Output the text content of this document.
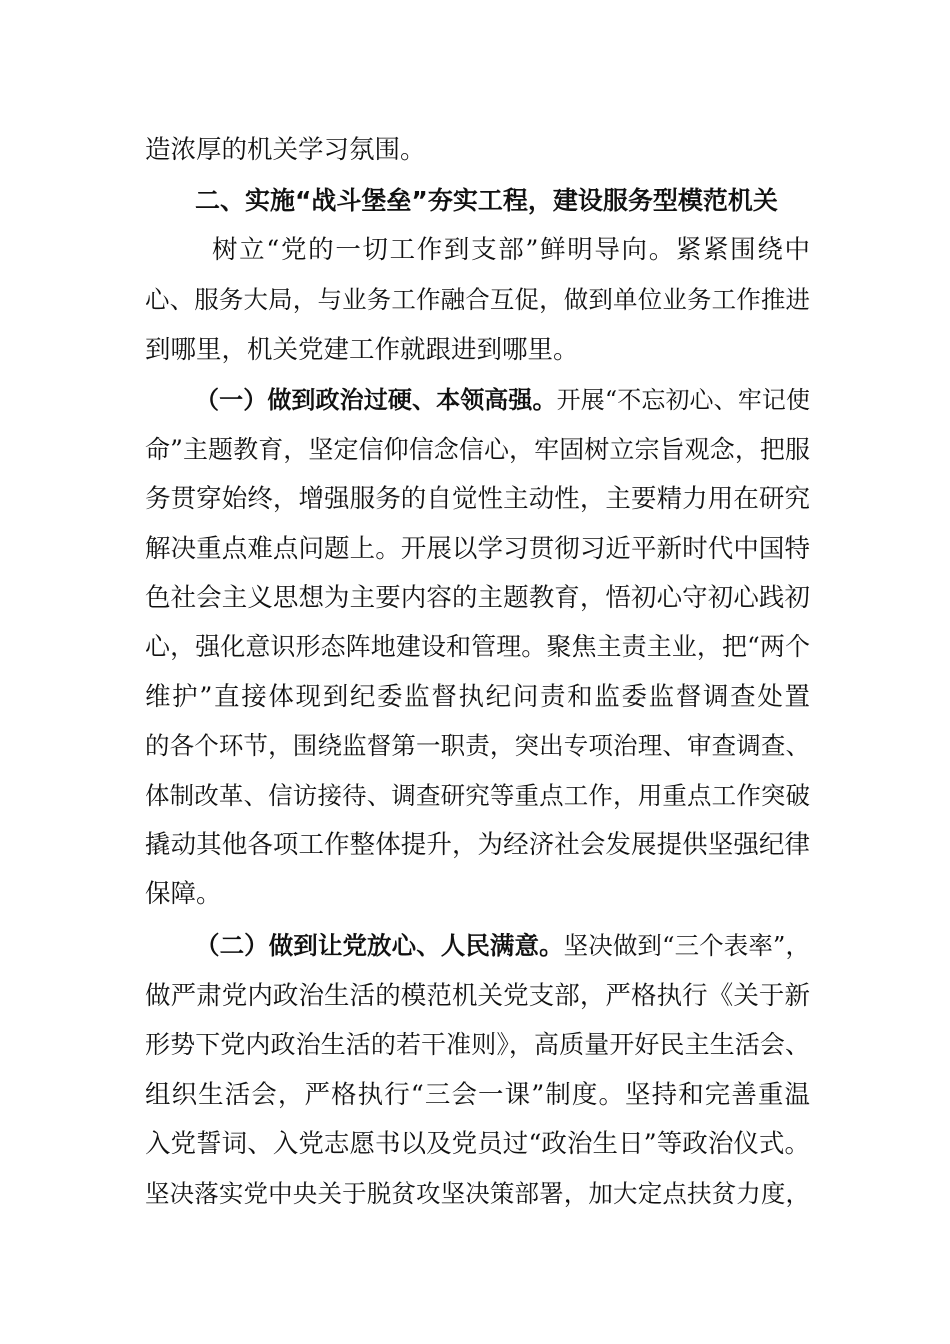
造浓厚的机关学习氛围。
二、实施“战斗堡垒”夯实工程，建设服务型模范机关
树立“党的一切工作到支部”鲜明导向。紧紧围绕中
心、服务大局，与业务工作融合互促，做到单位业务工作推进
到哪里，机关党建工作就跟进到哪里。
（一）做到政治过硬、本领高强。开展“不忘初心、牢记使
命”主题教育，坚定信仰信念信心，牢固树立宗旨观念，把服
务贯穿始终，增强服务的自觉性主动性，主要精力用在研究
解决重点难点问题上。开展以学习贯彻习近平新时代中国特
色社会主义思想为主要内容的主题教育，悟初心守初心践初
心，强化意识形态阵地建设和管理。聚焦主责主业，把“两个
维护”直接体现到纪委监督执纪问责和监委监督调查处置
的各个环节，围绕监督第一职责，突出专项治理、审查调查、
体制改革、信访接待、调查研究等重点工作，用重点工作突破
撬动其他各项工作整体提升，为经济社会发展提供坚强纪律
保障。
（二）做到让党放心、人民满意。坚决做到“三个表率”，
做严肃党内政治生活的模范机关党支部，严格执行《关于新
形势下党内政治生活的若干准则》，高质量开好民主生活会、
组织生活会，严格执行“三会一课”制度。坚持和完善重温
入党誓词、入党志愿书以及党员过“政治生日”等政治仪式。
坚决落实党中央关于脱贫攻坚决策部署，加大定点扶贫力度，
